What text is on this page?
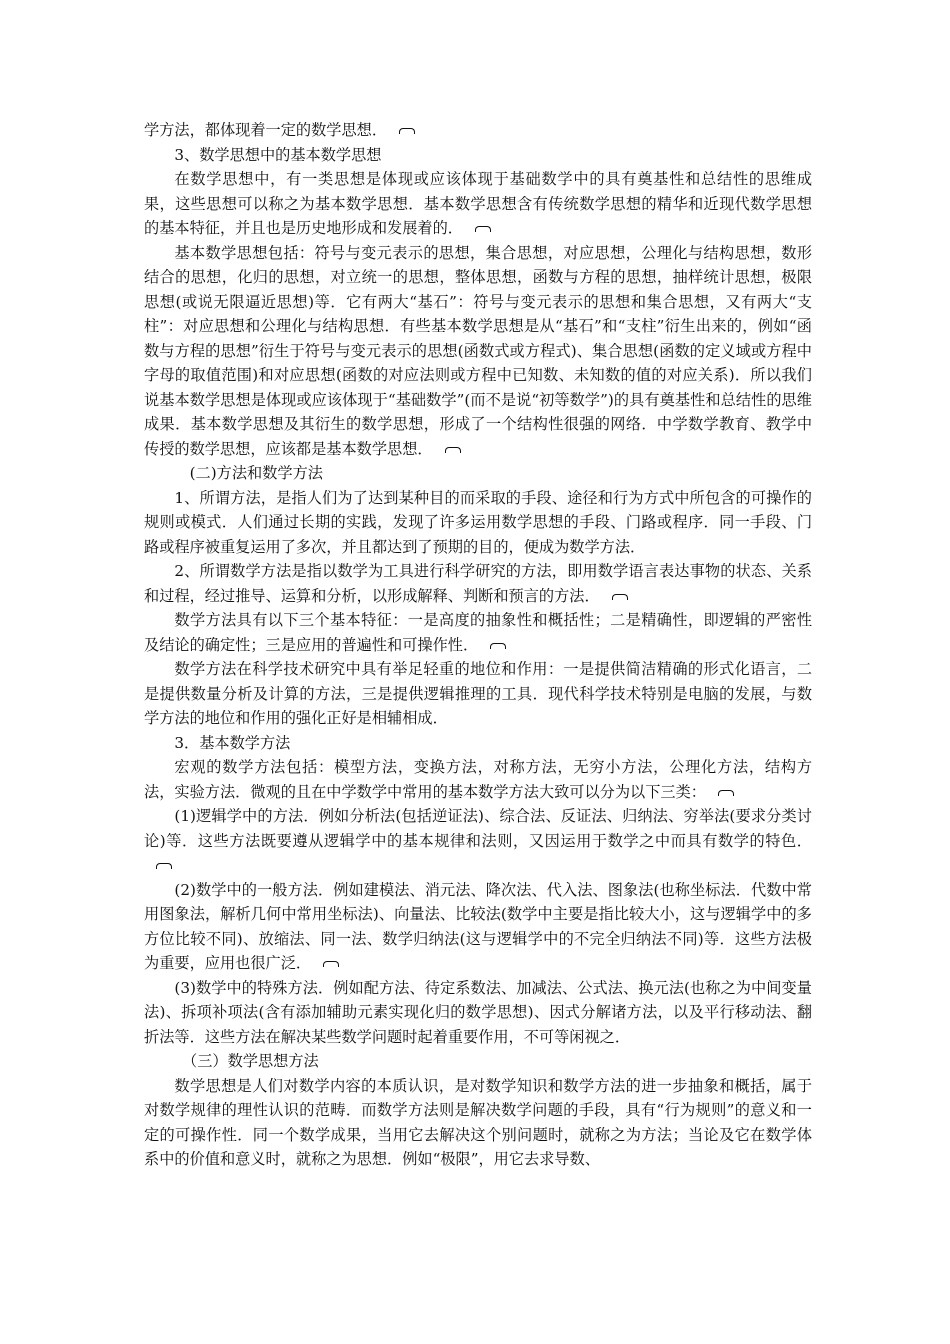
学方法，都体现着一定的数学思想．

3、数学思想中的基本数学思想

在数学思想中，有一类思想是体现或应该体现于基础数学中的具有奠基性和总结性的思维成果，这些思想可以称之为基本数学思想．基本数学思想含有传统数学思想的精华和近现代数学思想的基本特征，并且也是历史地形成和发展着的．

基本数学思想包括：符号与变元表示的思想，集合思想，对应思想，公理化与结构思想，数形结合的思想，化归的思想，对立统一的思想，整体思想，函数与方程的思想，抽样统计思想，极限思想(或说无限逼近思想)等．它有两大“基石”：符号与变元表示的思想和集合思想，又有两大“支柱”：对应思想和公理化与结构思想．有些基本数学思想是从“基石”和“支柱”衍生出来的，例如“函数与方程的思想”衍生于符号与变元表示的思想(函数式或方程式)、集合思想(函数的定义域或方程中字母的取值范围)和对应思想(函数的对应法则或方程中已知数、未知数的值的对应关系)．所以我们说基本数学思想是体现或应该体现于“基础数学”(而不是说“初等数学”)的具有奠基性和总结性的思维成果．基本数学思想及其衍生的数学思想，形成了一个结构性很强的网络．中学数学教育、教学中传授的数学思想，应该都是基本数学思想．

(二)方法和数学方法

1、所谓方法，是指人们为了达到某种目的而采取的手段、途径和行为方式中所包含的可操作的规则或模式．人们通过长期的实践，发现了许多运用数学思想的手段、门路或程序．同一手段、门路或程序被重复运用了多次，并且都达到了预期的目的，便成为数学方法．

2、所谓数学方法是指以数学为工具进行科学研究的方法，即用数学语言表达事物的状态、关系和过程，经过推导、运算和分析，以形成解释、判断和预言的方法．

数学方法具有以下三个基本特征：一是高度的抽象性和概括性；二是精确性，即逻辑的严密性及结论的确定性；三是应用的普遍性和可操作性．

数学方法在科学技术研究中具有举足轻重的地位和作用：一是提供简洁精确的形式化语言，二是提供数量分析及计算的方法，三是提供逻辑推理的工具．现代科学技术特别是电脑的发展，与数学方法的地位和作用的强化正好是相辅相成．

3．基本数学方法

宏观的数学方法包括：模型方法，变换方法，对称方法，无穷小方法，公理化方法，结构方法，实验方法．微观的且在中学数学中常用的基本数学方法大致可以分为以下三类：

(1)逻辑学中的方法．例如分析法(包括逆证法)、综合法、反证法、归纳法、穷举法(要求分类讨论)等．这些方法既要遵从逻辑学中的基本规律和法则，又因运用于数学之中而具有数学的特色．

(2)数学中的一般方法．例如建模法、消元法、降次法、代入法、图象法(也称坐标法．代数中常用图象法，解析几何中常用坐标法)、向量法、比较法(数学中主要是指比较大小，这与逻辑学中的多方位比较不同)、放缩法、同一法、数学归纳法(这与逻辑学中的不完全归纳法不同)等．这些方法极为重要，应用也很广泛．

(3)数学中的特殊方法．例如配方法、待定系数法、加减法、公式法、换元法(也称之为中间变量法)、拆项补项法(含有添加辅助元素实现化归的数学思想)、因式分解诸方法，以及平行移动法、翻折法等．这些方法在解决某些数学问题时起着重要作用，不可等闲视之．

（三）数学思想方法

数学思想是人们对数学内容的本质认识，是对数学知识和数学方法的进一步抽象和概括，属于对数学规律的理性认识的范畴．而数学方法则是解决数学问题的手段，具有“行为规则”的意义和一定的可操作性．同一个数学成果，当用它去解决这个别问题时，就称之为方法；当论及它在数学体系中的价值和意义时，就称之为思想．例如“极限”，用它去求导数、
